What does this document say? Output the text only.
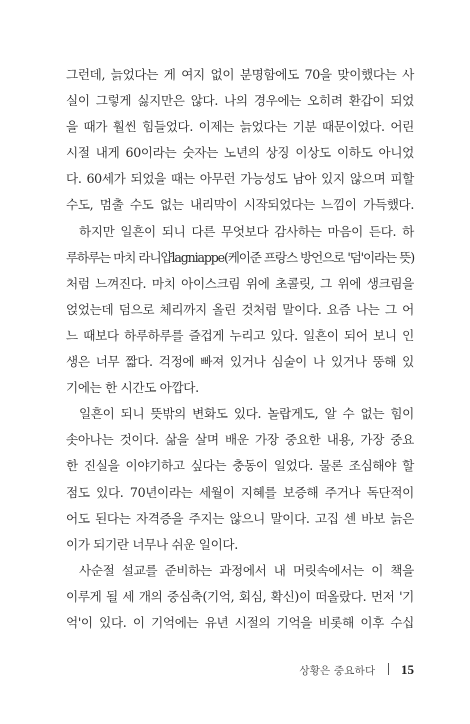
그런데, 늙었다는 게 여지 없이 분명함에도 70을 맞이했다는 사
실이 그렇게 싫지만은 않다. 나의 경우에는 오히려 환갑이 되었
을 때가 훨씬 힘들었다. 이제는 늙었다는 기분 때문이었다. 어린
시절 내게 60이라는 숫자는 노년의 상징 이상도 이하도 아니었
다. 60세가 되었을 때는 아무런 가능성도 남아 있지 않으며 피할
수도, 멈출 수도 없는 내리막이 시작되었다는 느낌이 가득했다.
하지만 일흔이 되니 다른 무엇보다 감사하는 마음이 든다. 하
루하루는 마치 라니얍lagniappe(케이준 프랑스 방언으로 '덤'이라는 뜻)
처럼 느껴진다. 마치 아이스크림 위에 초콜릿, 그 위에 생크림을
얹었는데 덤으로 체리까지 올린 것처럼 말이다. 요즘 나는 그 어
느 때보다 하루하루를 즐겁게 누리고 있다. 일흔이 되어 보니 인
생은 너무 짧다. 걱정에 빠져 있거나 심술이 나 있거나 뚱해 있
기에는 한 시간도 아깝다.
일흔이 되니 뜻밖의 변화도 있다. 놀랍게도, 알 수 없는 힘이
솟아나는 것이다. 삶을 살며 배운 가장 중요한 내용, 가장 중요
한 진실을 이야기하고 싶다는 충동이 일었다. 물론 조심해야 할
점도 있다. 70년이라는 세월이 지혜를 보증해 주거나 독단적이
어도 된다는 자격증을 주지는 않으니 말이다. 고집 센 바보 늙은
이가 되기란 너무나 쉬운 일이다.
사순절 설교를 준비하는 과정에서 내 머릿속에서는 이 책을
이루게 될 세 개의 중심축(기억, 회심, 확신)이 떠올랐다. 먼저 '기
억'이 있다. 이 기억에는 유년 시절의 기억을 비롯해 이후 수십
상황은 중요하다 15
